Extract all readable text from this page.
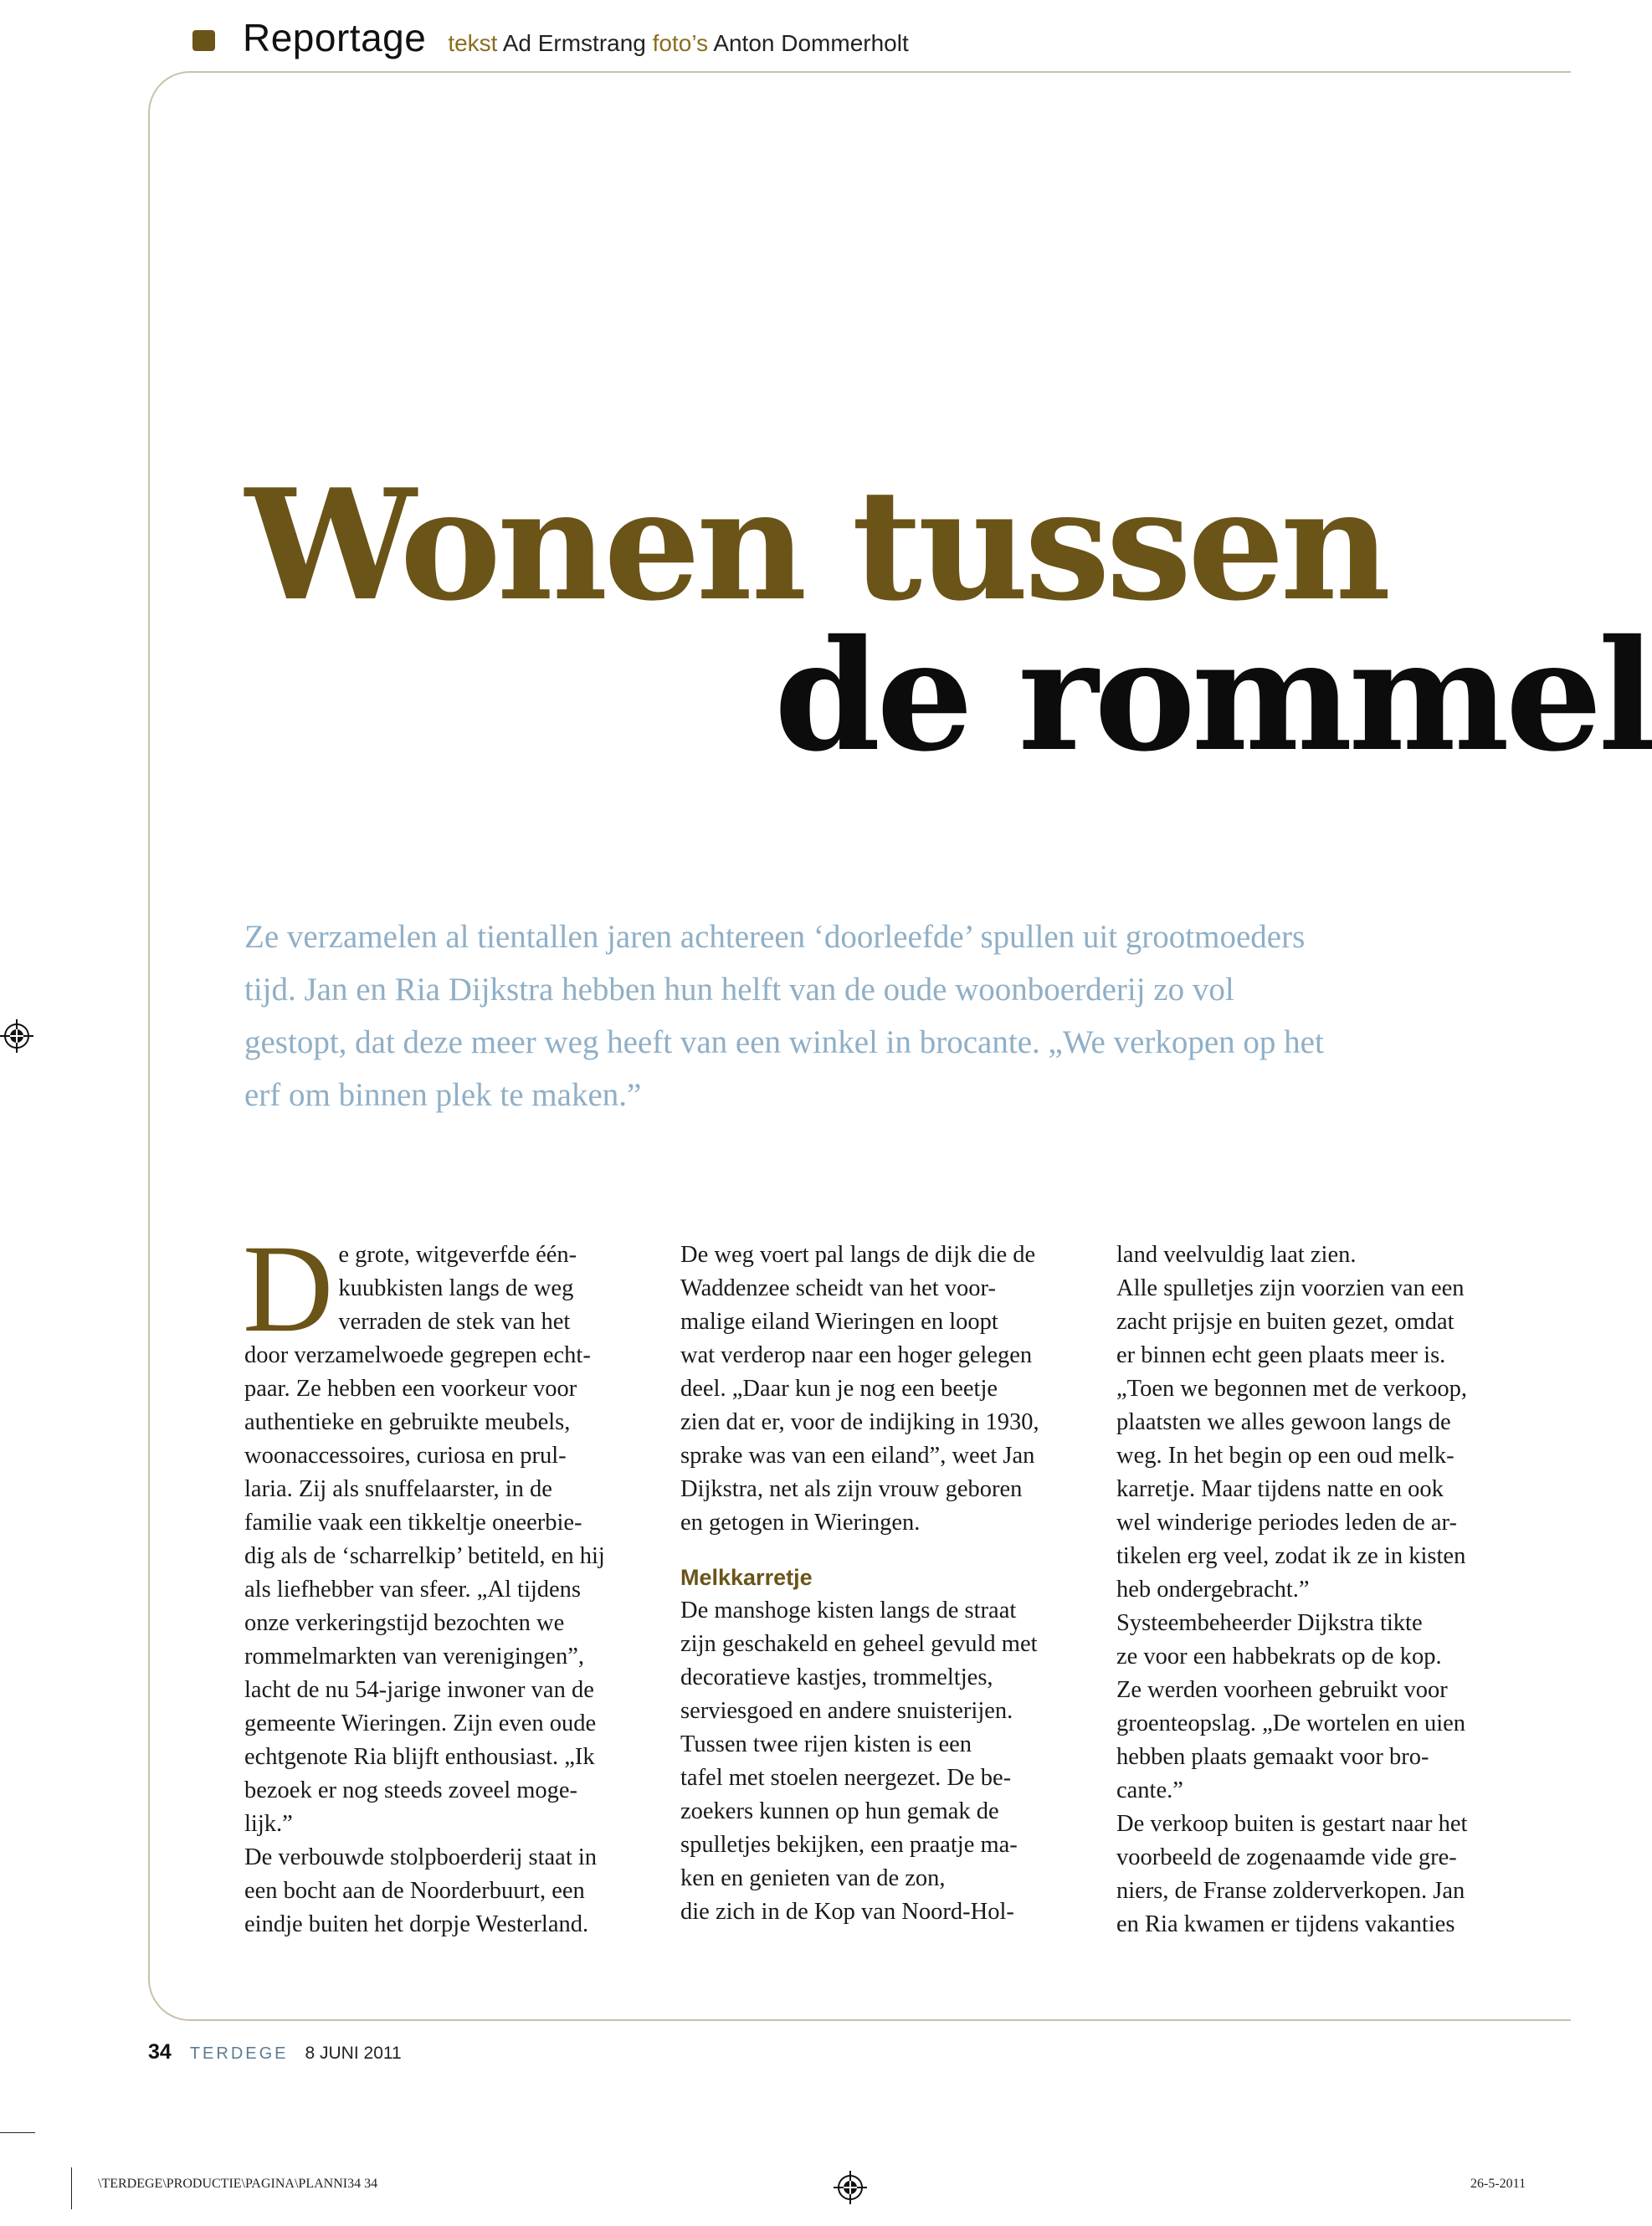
Reportage tekst Ad Ermstrang foto’s Anton Dommerholt
Wonen tussen
de rommel

Ze verzamelen al tientallen jaren achtereen ‘doorleefde’ spullen uit grootmoeders

tijd. Jan en Ria Dijkstra hebben hun helft van de oude woonboerderij zo vol

gestopt, dat deze meer weg heeft van een winkel in brocante. „We verkopen op het

erf om binnen plek te maken.”

D e grote, witgeverfde één-

kuubkisten langs de weg

verraden de stek van het

door verzamelwoede gegrepen echt-

paar. Ze hebben een voorkeur voor

authentieke en gebruikte meubels,

woonaccessoires, curiosa en prul-

laria. Zij als snuffelaarster, in de

familie vaak een tikkeltje oneerbie-

dig als de ‘scharrelkip’ betiteld, en hij

als liefhebber van sfeer. „Al tijdens

onze verkeringstijd bezochten we

rommelmarkten van verenigingen”,

lacht de nu 54-jarige inwoner van de

gemeente Wieringen. Zijn even oude

echtgenote Ria blijft enthousiast. „Ik

bezoek er nog steeds zoveel moge-

lijk.”

De verbouwde stolpboerderij staat in

een bocht aan de Noorderbuurt, een

eindje buiten het dorpje Westerland.

De weg voert pal langs de dijk die de

Waddenzee scheidt van het voor-

malige eiland Wieringen en loopt

wat verderop naar een hoger gelegen

deel. „Daar kun je nog een beetje

zien dat er, voor de indijking in 1930,

sprake was van een eiland”, weet Jan

Dijkstra, net als zijn vrouw geboren

en getogen in Wieringen.

Melkkarretje

De manshoge kisten langs de straat

zijn geschakeld en geheel gevuld met

decoratieve kastjes, trommeltjes,

serviesgoed en andere snuisterijen.

Tussen twee rijen kisten is een

tafel met stoelen neergezet. De be-

zoekers kunnen op hun gemak de

spulletjes bekijken, een praatje ma-

ken en genieten van de zon,

die zich in de Kop van Noord-Hol-

land veelvuldig laat zien.

Alle spulletjes zijn voorzien van een

zacht prijsje en buiten gezet, omdat

er binnen echt geen plaats meer is.

„Toen we begonnen met de verkoop,

plaatsten we alles gewoon langs de

weg. In het begin op een oud melk-

karretje. Maar tijdens natte en ook

wel winderige periodes leden de ar-

tikelen erg veel, zodat ik ze in kisten

heb ondergebracht.”

Systeembeheerder Dijkstra tikte

ze voor een habbekrats op de kop.

Ze werden voorheen gebruikt voor

groenteopslag. „De wortelen en uien

hebben plaats gemaakt voor bro-

cante.”

De verkoop buiten is gestart naar het

voorbeeld de zogenaamde vide gre-

niers, de Franse zolderverkopen. Jan

en Ria kwamen er tijdens vakanties

34 TERDEGE 8 JUNI 2011
\TERDEGE\PRODUCTIE\PAGINA\PLANNI34 34	26-5-2011
